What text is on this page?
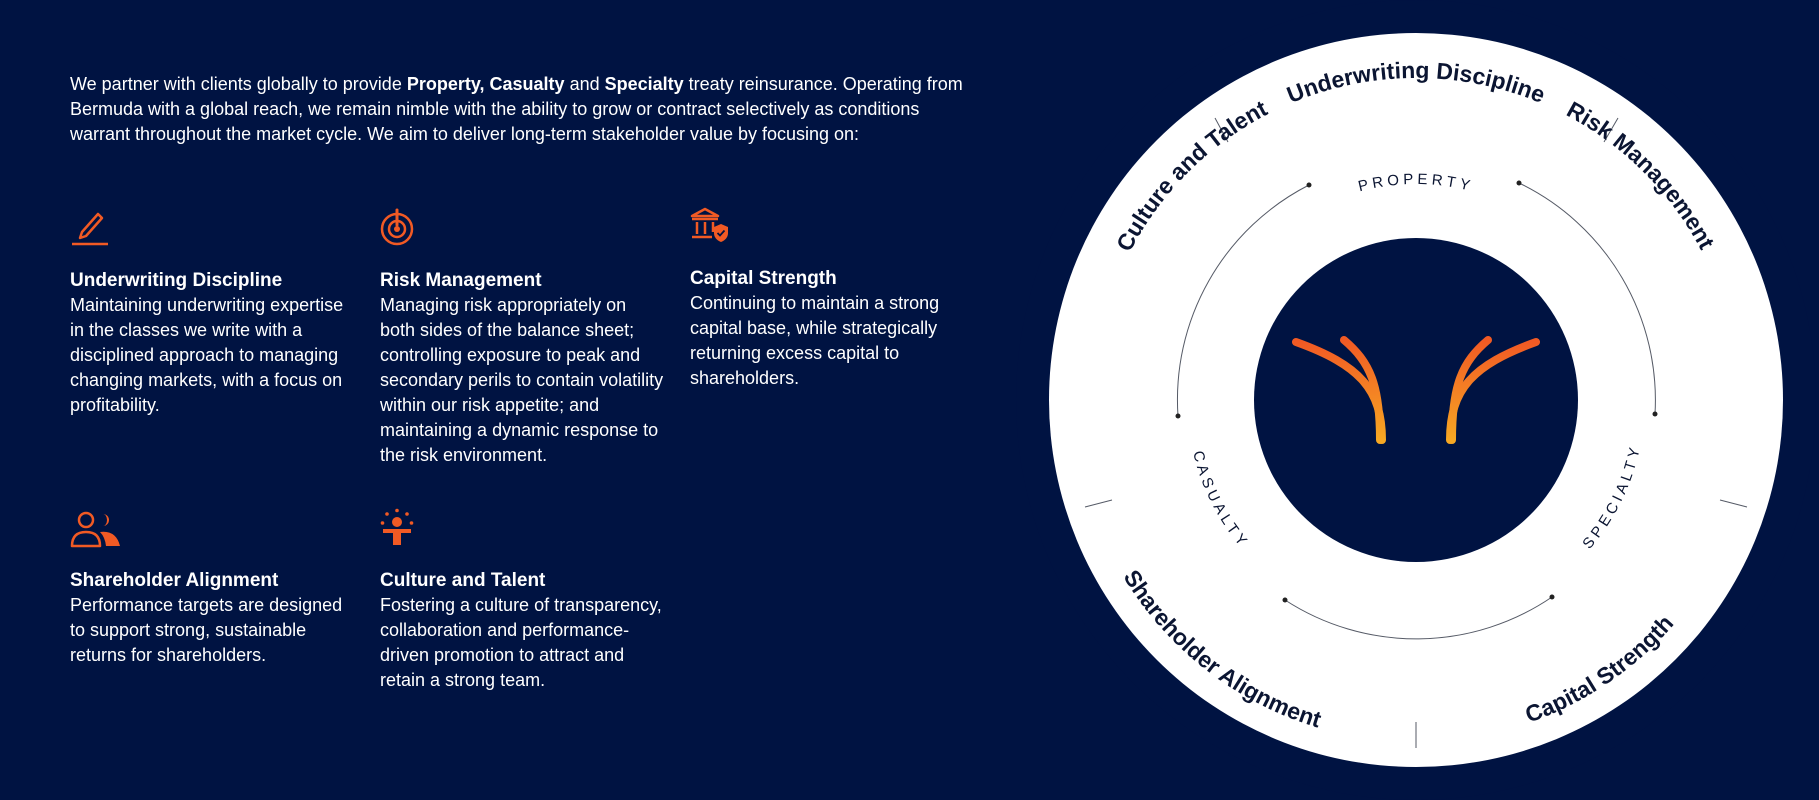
We partner with clients globally to provide Property, Casualty and Specialty treaty reinsurance. Operating from Bermuda with a global reach, we remain nimble with the ability to grow or contract selectively as conditions warrant throughout the market cycle. We aim to deliver long-term stakeholder value by focusing on:

Underwriting Discipline
Maintaining underwriting expertise in the classes we write with a disciplined approach to managing changing markets, with a focus on profitability.
Risk Management
Managing risk appropriately on both sides of the balance sheet; controlling exposure to peak and secondary perils to contain volatility within our risk appetite; and maintaining a dynamic response to the risk environment.
Capital Strength
Continuing to maintain a strong capital base, while strategically returning excess capital to shareholders.
Shareholder Alignment
Performance targets are designed to support strong, sustainable returns for shareholders.
Culture and Talent
Fostering a culture of transparency, collaboration and performance-driven promotion to attract and retain a strong team.
Underwriting Discipline
Risk Management
Culture and Talent
Shareholder Alignment	Capital Strength
PROPERTY
CASUALTY	SPECIALTY
